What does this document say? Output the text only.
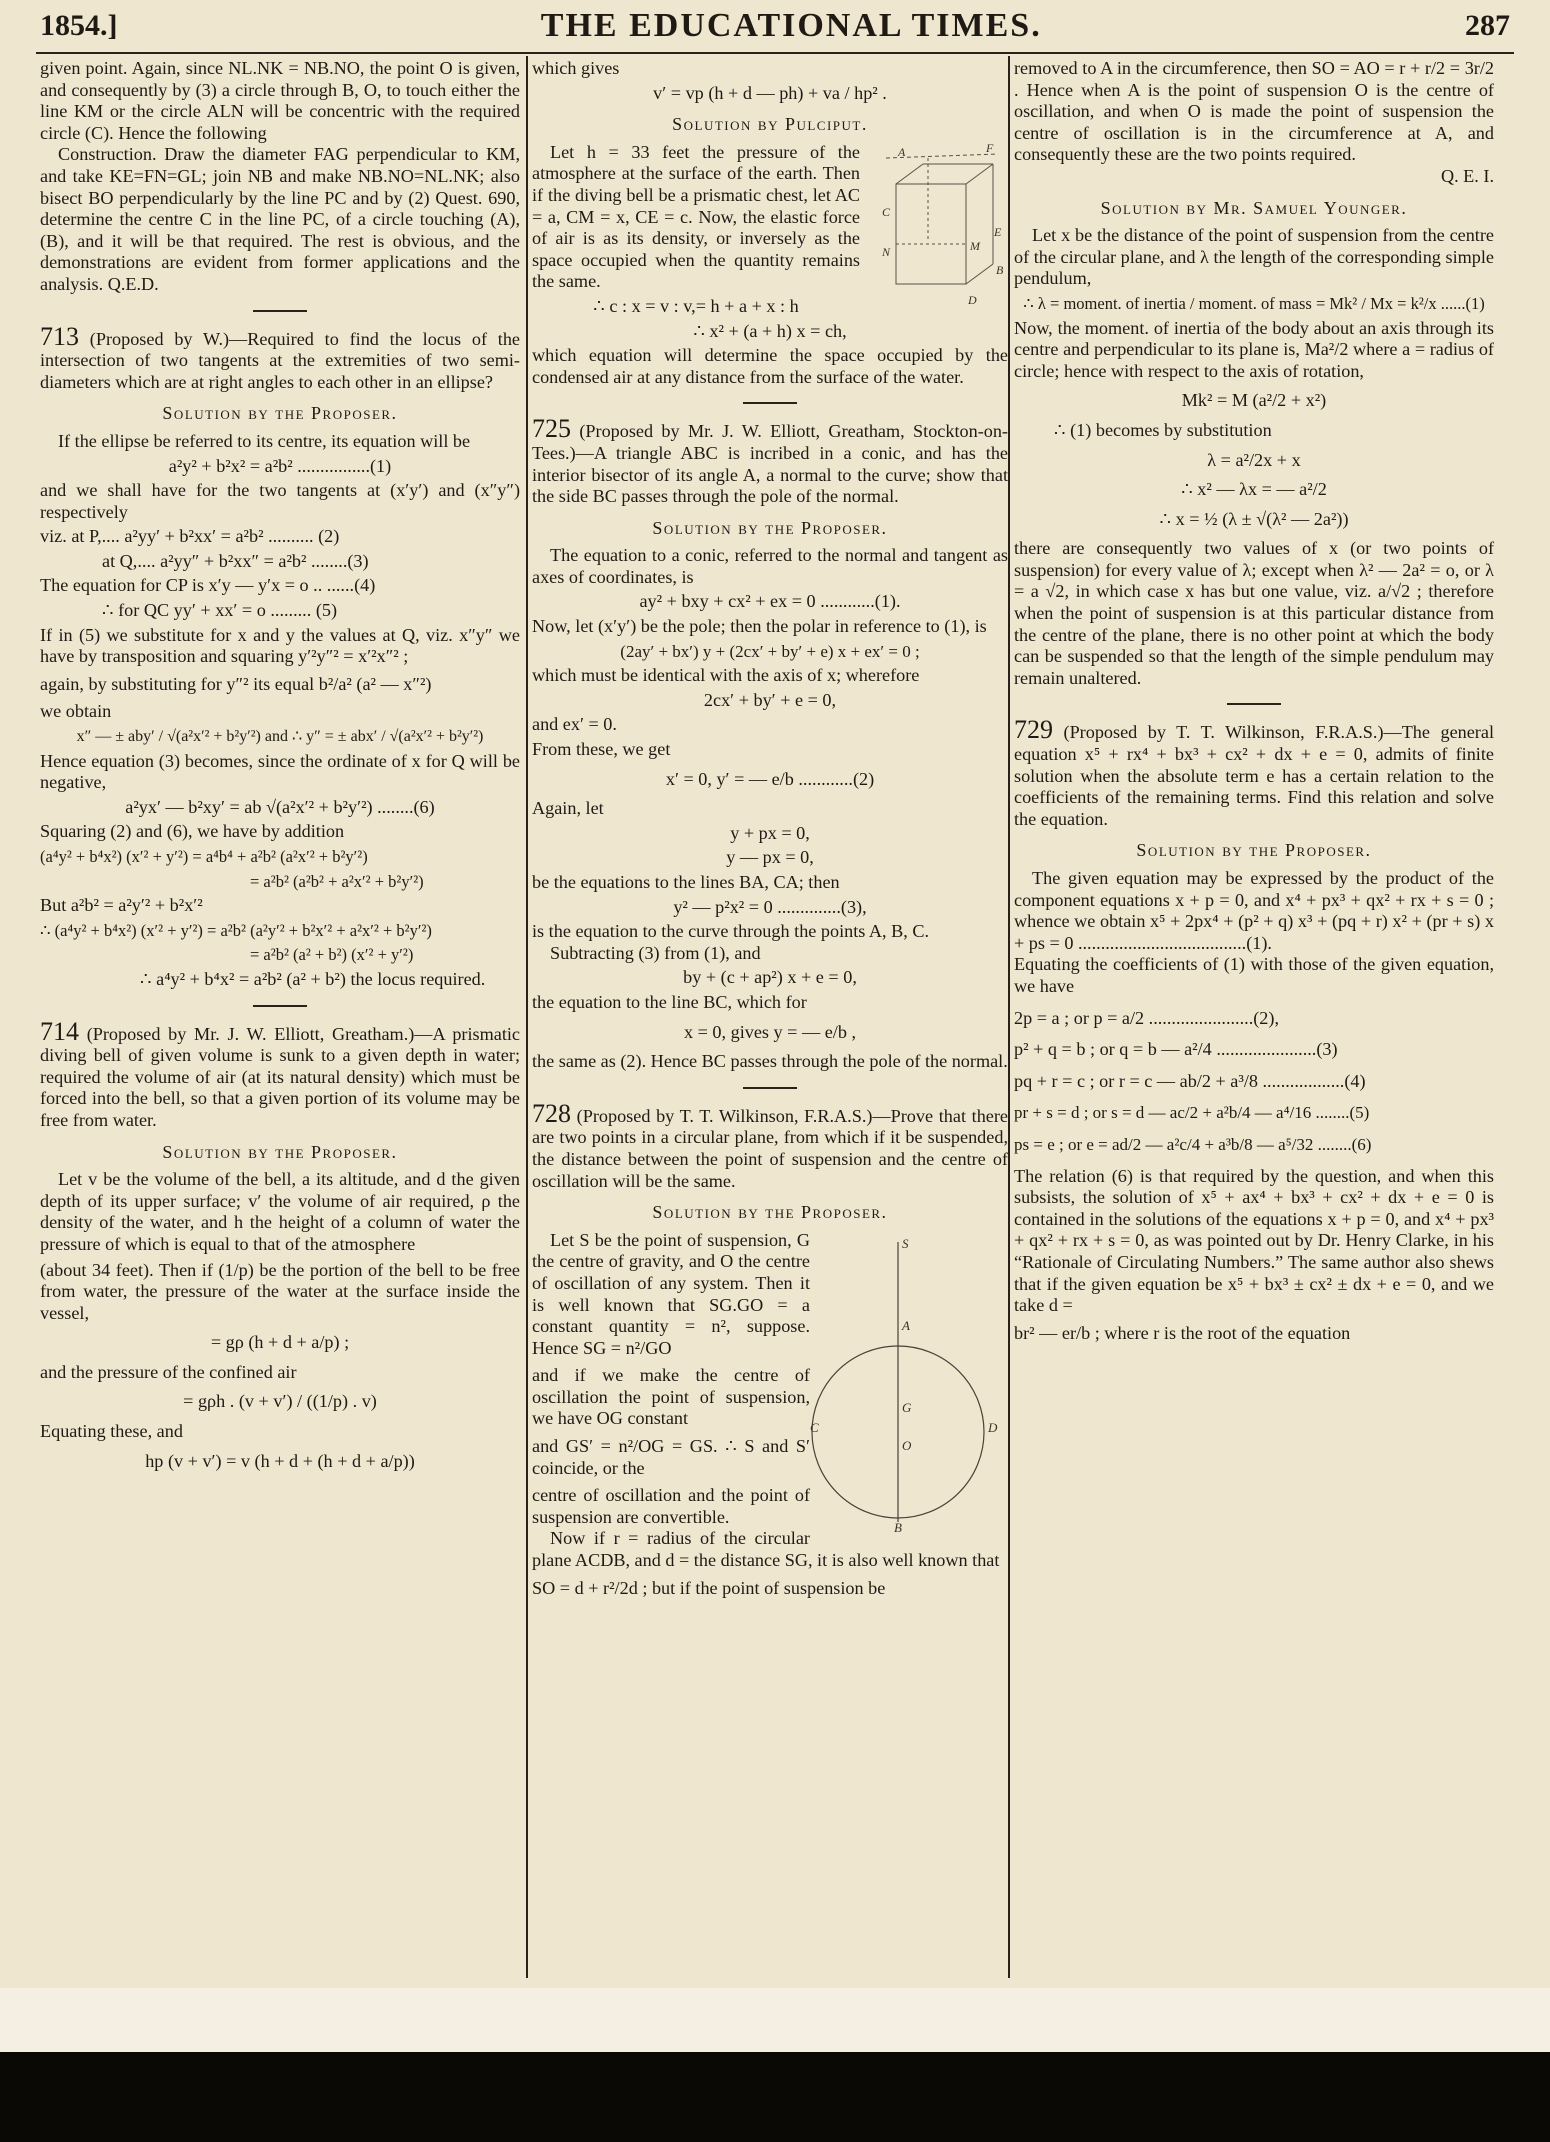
1854.]	THE EDUCATIONAL TIMES.	287

given point. Again, since NL.NK = NB.NO, the point O is given, and consequently by (3) a circle through B, O, to touch either the line KM or the circle ALN will be concentric with the required circle (C). Hence the following

Construction. Draw the diameter FAG perpendicular to KM, and take KE=FN=GL; join NB and make NB.NO=NL.NK; also bisect BO perpendicularly by the line PC and by (2) Quest. 690, determine the centre C in the line PC, of a circle touching (A), (B), and it will be that required. The rest is obvious, and the demonstrations are evident from former applications and the analysis. Q.E.D.

713 (Proposed by W.)—Required to find the locus of the intersection of two tangents at the extremities of two semi-diameters which are at right angles to each other in an ellipse?

Solution by the Proposer.

If the ellipse be referred to its centre, its equation will be

a²y² + b²x² = a²b² ................(1)

and we shall have for the two tangents at (x′y′) and (x″y″) respectively

viz. at P,.... a²yy′ + b²xx′ = a²b² .......... (2)
at Q,.... a²yy″ + b²xx″ = a²b² ........(3)
The equation for CP is x′y — y′x = o .. ......(4)
∴ for QC yy′ + xx′ = o ......... (5)

If in (5) we substitute for x and y the values at Q, viz. x″y″ we have by transposition and squaring y′²y″² = x′²x″² ;

again, by substituting for y″² its equal b²/a² (a² — x″²)

we obtain

x″ — ± aby′ / √(a²x′² + b²y′²) and ∴ y″ = ± abx′ / √(a²x′² + b²y′²)

Hence equation (3) becomes, since the ordinate of x for Q will be negative,

a²yx′ — b²xy′ = ab √(a²x′² + b²y′²) ........(6)

Squaring (2) and (6), we have by addition

(a⁴y² + b⁴x²) (x′² + y′²) = a⁴b⁴ + a²b² (a²x′² + b²y′²)
= a²b² (a²b² + a²x′² + b²y′²)
But a²b² = a²y′² + b²x′²
∴ (a⁴y² + b⁴x²) (x′² + y′²) = a²b² (a²y′² + b²x′² + a²x′² + b²y′²)
= a²b² (a² + b²) (x′² + y′²)
∴ a⁴y² + b⁴x² = a²b² (a² + b²) the locus required.

714 (Proposed by Mr. J. W. Elliott, Greatham.)—A prismatic diving bell of given volume is sunk to a given depth in water; required the volume of air (at its natural density) which must be forced into the bell, so that a given portion of its volume may be free from water.

Solution by the Proposer.

Let v be the volume of the bell, a its altitude, and d the given depth of its upper surface; v′ the volume of air required, ρ the density of the water, and h the height of a column of water the pressure of which is equal to that of the atmosphere

(about 34 feet). Then if (1/p) be the portion of the bell to be free from water, the pressure of the water at the surface inside the vessel,

= gρ (h + d + a/p) ;

and the pressure of the confined air

= gρh . (v + v′) / ((1/p) . v)

Equating these, and

hp (v + v′) = v (h + d + (h + d + a/p))

which gives

v′ = vp (h + d — ph) + va / hp² .
Solution by Pulciput.
A	F
C
N	M
E
B
D

Let h = 33 feet the pressure of the atmosphere at the surface of the earth. Then if the diving bell be a prismatic chest, let AC = a, CM = x, CE = c. Now, the elastic force of air is as its density, or inversely as the space occupied when the quantity remains the same.

∴ c : x = v : v,= h + a + x : h
∴ x² + (a + h) x = ch,

which equation will determine the space occupied by the condensed air at any distance from the surface of the water.

725 (Proposed by Mr. J. W. Elliott, Greatham, Stockton-on-Tees.)—A triangle ABC is incribed in a conic, and has the interior bisector of its angle A, a normal to the curve; show that the side BC passes through the pole of the normal.

Solution by the Proposer.

The equation to a conic, referred to the normal and tangent as axes of coordinates, is

ay² + bxy + cx² + ex = 0 ............(1).

Now, let (x′y′) be the pole; then the polar in reference to (1), is

(2ay′ + bx′) y + (2cx′ + by′ + e) x + ex′ = 0 ;

which must be identical with the axis of x; wherefore

2cx′ + by′ + e = 0,
and ex′ = 0.

From these, we get

x′ = 0, y′ = — e/b ............(2)

Again, let

y + px = 0,
y — px = 0,

be the equations to the lines BA, CA; then

y² — p²x² = 0 ..............(3),

is the equation to the curve through the points A, B, C.

Subtracting (3) from (1), and

by + (c + ap²) x + e = 0,

the equation to the line BC, which for

x = 0, gives y = — e/b ,

the same as (2). Hence BC passes through the pole of the normal.

728 (Proposed by T. T. Wilkinson, F.R.A.S.)—Prove that there are two points in a circular plane, from which if it be suspended, the distance between the point of suspension and the centre of oscillation will be the same.

Solution by the Proposer.
S
A
C	D
G
O
B

Let S be the point of suspension, G the centre of gravity, and O the centre of oscillation of any system. Then it is well known that SG.GO = a constant quantity = n², suppose. Hence SG = n²/GO

and if we make the centre of oscillation the point of suspension, we have OG constant

and GS′ = n²/OG = GS. ∴ S and S′ coincide, or the

centre of oscillation and the point of suspension are convertible.

Now if r = radius of the circular plane ACDB, and d = the distance SG, it is also well known that

SO = d + r²/2d ; but if the point of suspension be

removed to A in the circumference, then SO = AO = r + r/2 = 3r/2 . Hence when A is the point of suspension O is the centre of oscillation, and when O is made the point of suspension the centre of oscillation is in the circumference at A, and consequently these are the two points required.

Q. E. I.

Solution by Mr. Samuel Younger.

Let x be the distance of the point of suspension from the centre of the circular plane, and λ the length of the corresponding simple pendulum,

∴ λ = moment. of inertia / moment. of mass = Mk² / Mx = k²/x ......(1)

Now, the moment. of inertia of the body about an axis through its centre and perpendicular to its plane is, Ma²/2 where a = radius of circle; hence with respect to the axis of rotation,

Mk² = M (a²/2 + x²)

∴ (1) becomes by substitution

λ = a²/2x + x
∴ x² — λx = — a²/2
∴ x = ½ (λ ± √(λ² — 2a²))

there are consequently two values of x (or two points of suspension) for every value of λ; except when λ² — 2a² = o, or λ = a √2, in which case x has but one value, viz. a/√2 ; therefore when the point of suspension is at this particular distance from the centre of the plane, there is no other point at which the body can be suspended so that the length of the simple pendulum may remain unaltered.

729 (Proposed by T. T. Wilkinson, F.R.A.S.)—The general equation x⁵ + rx⁴ + bx³ + cx² + dx + e = 0, admits of finite solution when the absolute term e has a certain relation to the coefficients of the remaining terms. Find this relation and solve the equation.

Solution by the Proposer.

The given equation may be expressed by the product of the component equations x + p = 0, and x⁴ + px³ + qx² + rx + s = 0 ; whence we obtain x⁵ + 2px⁴ + (p² + q) x³ + (pq + r) x² + (pr + s) x + ps = 0 .....................................(1).

Equating the coefficients of (1) with those of the given equation, we have

2p = a ; or p = a/2 .......................(2),
p² + q = b ; or q = b — a²/4 ......................(3)
pq + r = c ; or r = c — ab/2 + a³/8 ..................(4)
pr + s = d ; or s = d — ac/2 + a²b/4 — a⁴/16 ........(5)
ps = e ; or e = ad/2 — a²c/4 + a³b/8 — a⁵/32 ........(6)

The relation (6) is that required by the question, and when this subsists, the solution of x⁵ + ax⁴ + bx³ + cx² + dx + e = 0 is contained in the solutions of the equations x + p = 0, and x⁴ + px³ + qx² + rx + s = 0, as was pointed out by Dr. Henry Clarke, in his “Rationale of Circulating Numbers.” The same author also shews that if the given equation be x⁵ + bx³ ± cx² ± dx + e = 0, and we take d =

br² — er/b ; where r is the root of the equation
